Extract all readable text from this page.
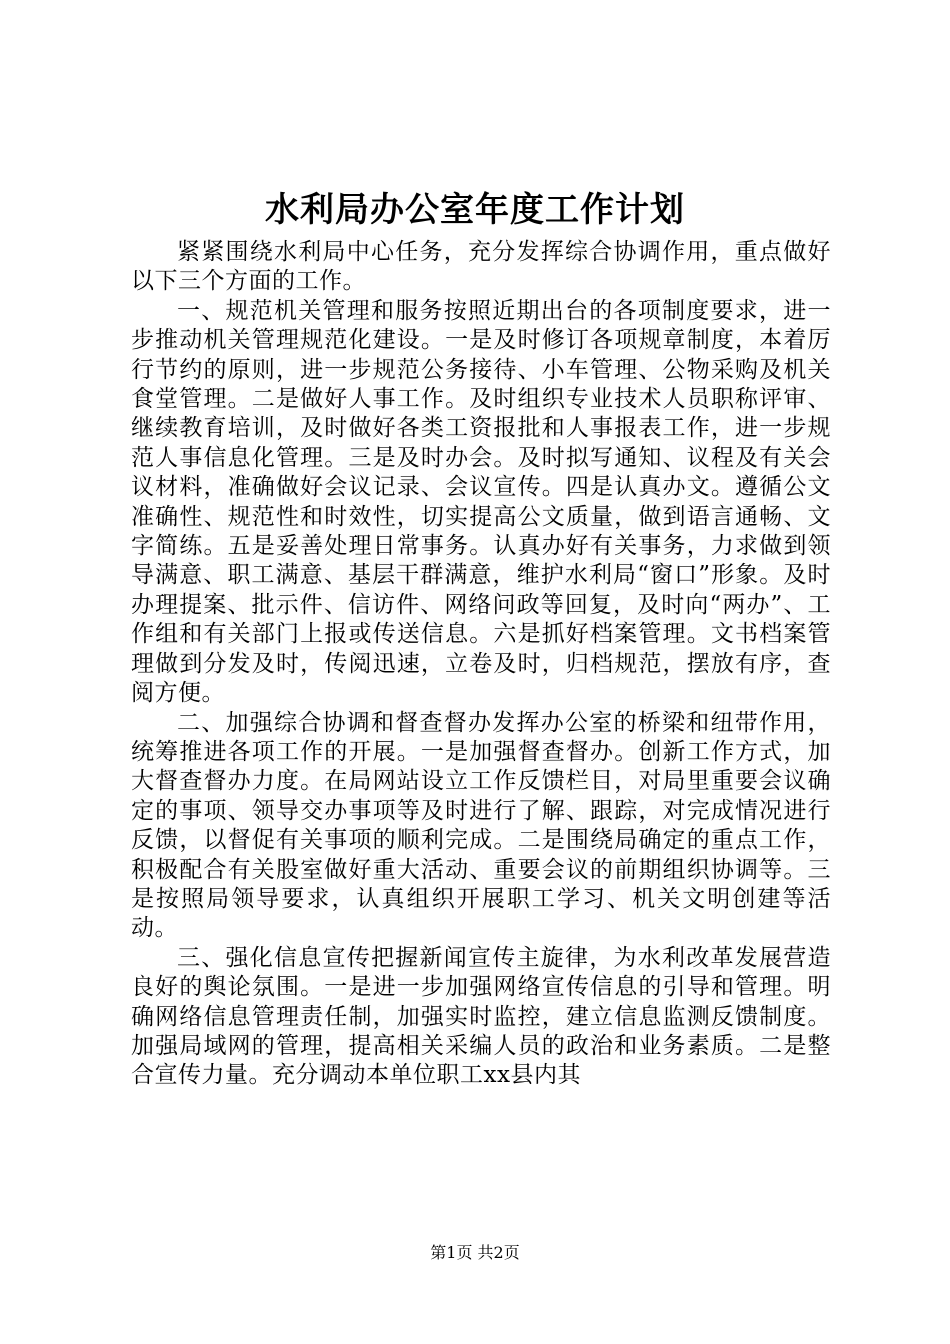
水利局办公室年度工作计划

紧紧围绕水利局中心任务，充分发挥综合协调作用，重点做好以下三个方面的工作。

一、规范机关管理和服务按照近期出台的各项制度要求，进一步推动机关管理规范化建设。一是及时修订各项规章制度，本着厉行节约的原则，进一步规范公务接待、小车管理、公物采购及机关食堂管理。二是做好人事工作。及时组织专业技术人员职称评审、继续教育培训，及时做好各类工资报批和人事报表工作，进一步规范人事信息化管理。三是及时办会。及时拟写通知、议程及有关会议材料，准确做好会议记录、会议宣传。四是认真办文。遵循公文准确性、规范性和时效性，切实提高公文质量，做到语言通畅、文字简练。五是妥善处理日常事务。认真办好有关事务，力求做到领导满意、职工满意、基层干群满意，维护水利局“窗口”形象。及时办理提案、批示件、信访件、网络问政等回复，及时向“两办”、工作组和有关部门上报或传送信息。六是抓好档案管理。文书档案管理做到分发及时，传阅迅速，立卷及时，归档规范，摆放有序，查阅方便。

二、加强综合协调和督查督办发挥办公室的桥梁和纽带作用，统筹推进各项工作的开展。一是加强督查督办。创新工作方式，加大督查督办力度。在局网站设立工作反馈栏目，对局里重要会议确定的事项、领导交办事项等及时进行了解、跟踪，对完成情况进行反馈，以督促有关事项的顺利完成。二是围绕局确定的重点工作，积极配合有关股室做好重大活动、重要会议的前期组织协调等。三是按照局领导要求，认真组织开展职工学习、机关文明创建等活动。

三、强化信息宣传把握新闻宣传主旋律，为水利改革发展营造良好的舆论氛围。一是进一步加强网络宣传信息的引导和管理。明确网络信息管理责任制，加强实时监控，建立信息监测反馈制度。加强局域网的管理，提高相关采编人员的政治和业务素质。二是整合宣传力量。充分调动本单位职工xx县内其

第1页 共2页
